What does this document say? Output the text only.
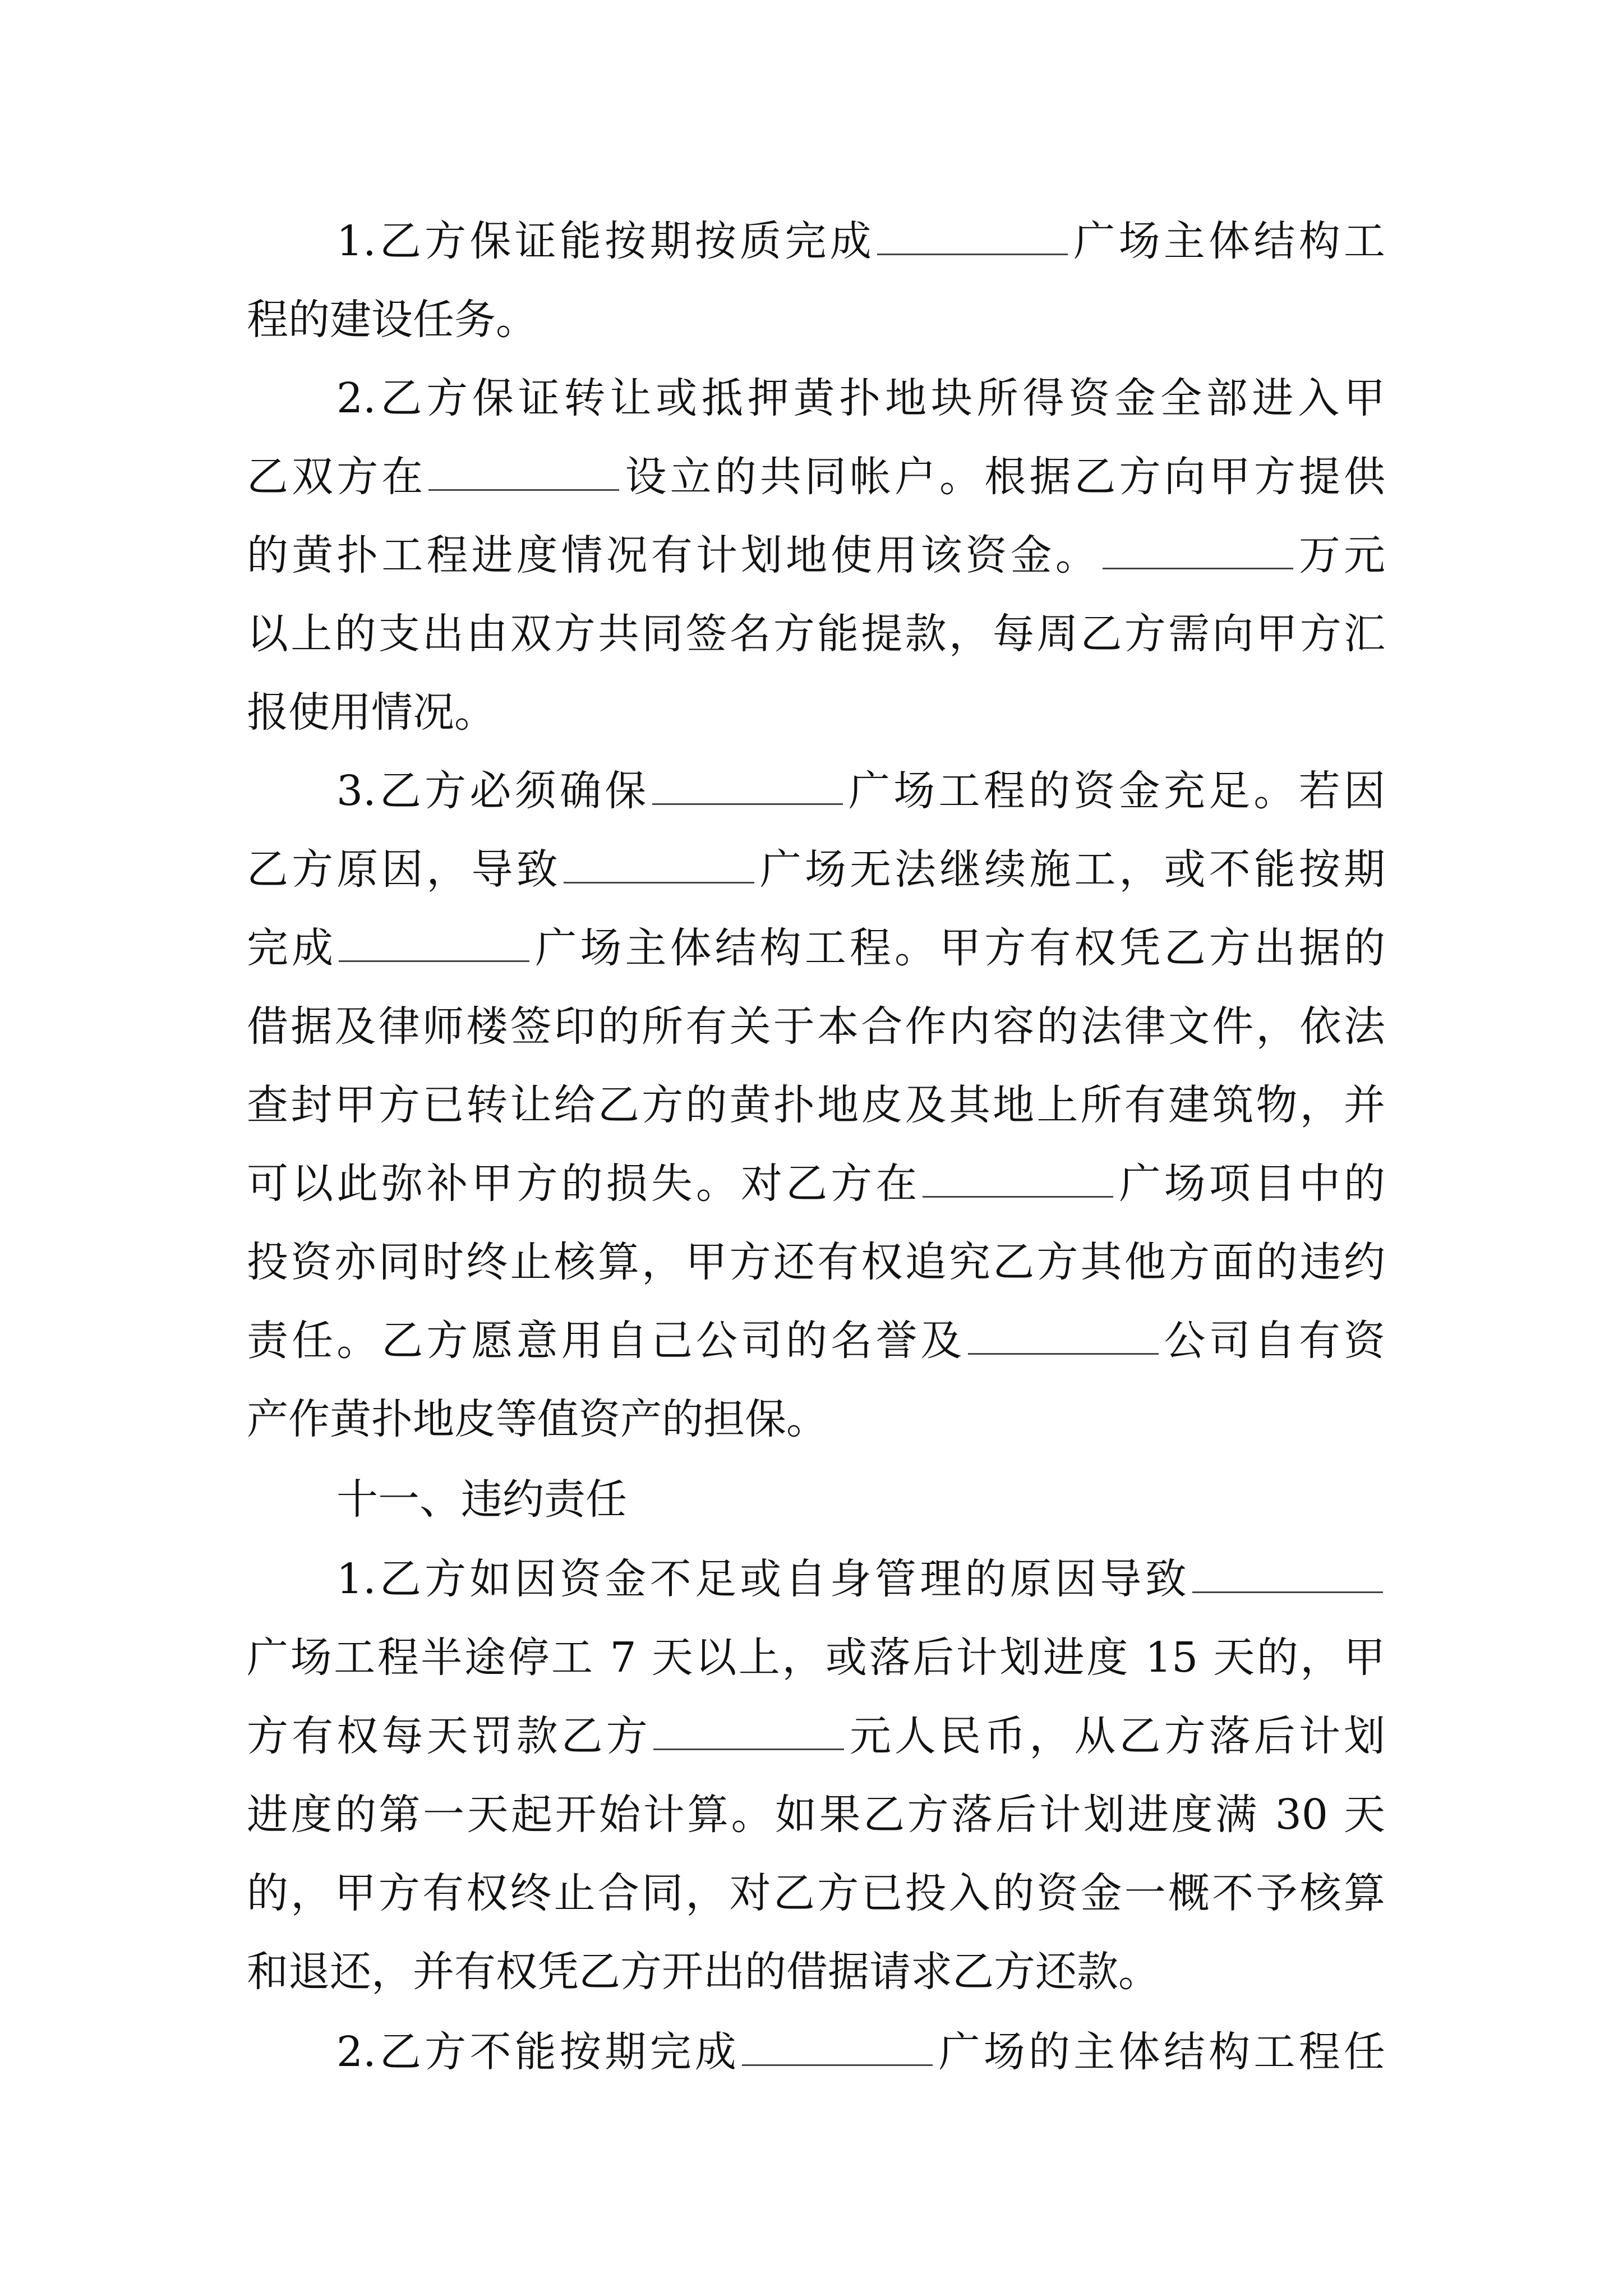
1.乙方保证能按期按质完成	广场主体结构工
程的建设任务。
2.乙方保证转让或抵押黄扑地块所得资金全部进入甲
乙双方在	设立的共同帐户。根据乙方向甲方提供
的黄扑工程进度情况有计划地使用该资金。	万元
以上的支出由双方共同签名方能提款，每周乙方需向甲方汇
报使用情况。
3.乙方必须确保	广场工程的资金充足。若因
乙方原因，导致	广场无法继续施工，或不能按期
完成	广场主体结构工程。甲方有权凭乙方出据的
借据及律师楼签印的所有关于本合作内容的法律文件，依法
查封甲方已转让给乙方的黄扑地皮及其地上所有建筑物，并
可以此弥补甲方的损失。对乙方在	广场项目中的
投资亦同时终止核算，甲方还有权追究乙方其他方面的违约
责任。乙方愿意用自己公司的名誉及	公司自有资
产作黄扑地皮等值资产的担保。
十一、违约责任
1.乙方如因资金不足或自身管理的原因导致
广场工程半途停工 7 天以上，或落后计划进度 15 天的，甲
方有权每天罚款乙方	元人民币，从乙方落后计划
进度的第一天起开始计算。如果乙方落后计划进度满 30 天
的，甲方有权终止合同，对乙方已投入的资金一概不予核算
和退还，并有权凭乙方开出的借据请求乙方还款。
2.乙方不能按期完成	广场的主体结构工程任
